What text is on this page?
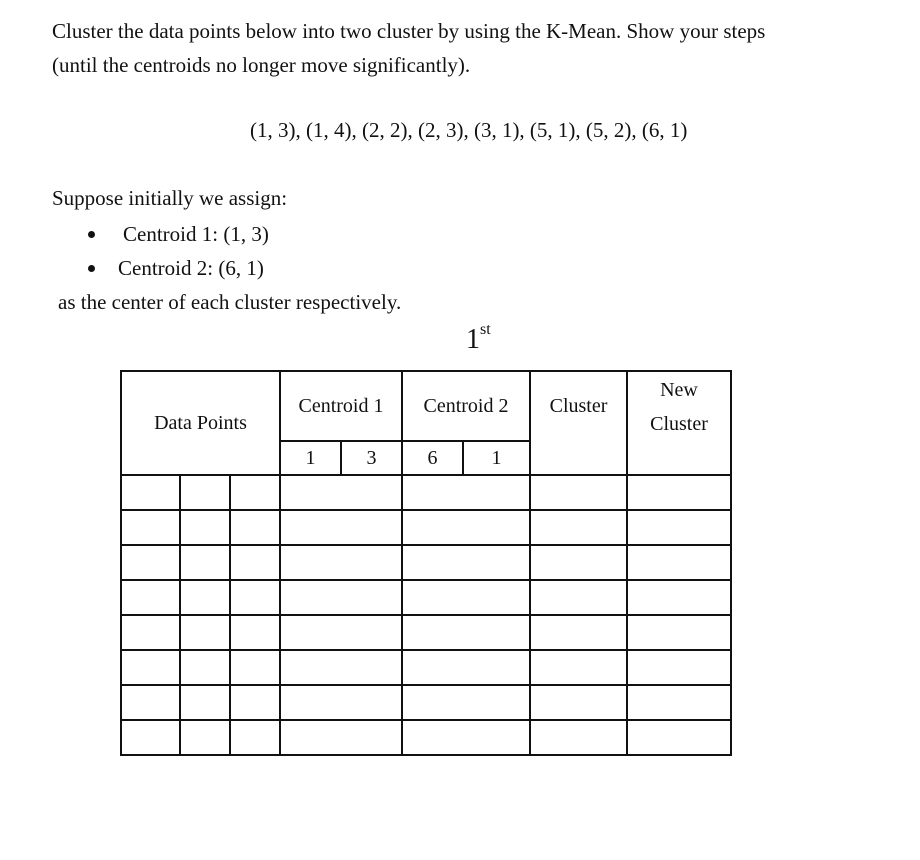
Cluster the data points below into two cluster by using the K-Mean. Show your steps
(until the centroids no longer move significantly).
(1, 3), (1, 4), (2, 2), (2, 3), (3, 1), (5, 1), (5, 2), (6, 1)
Suppose initially we assign:
Centroid 1: (1, 3)
Centroid 2: (6, 1)
as the center of each cluster respectively.
1st
Data Points			Centroid 1		Centroid 2		Cluster	New
Cluster

			1	3	6	1		
